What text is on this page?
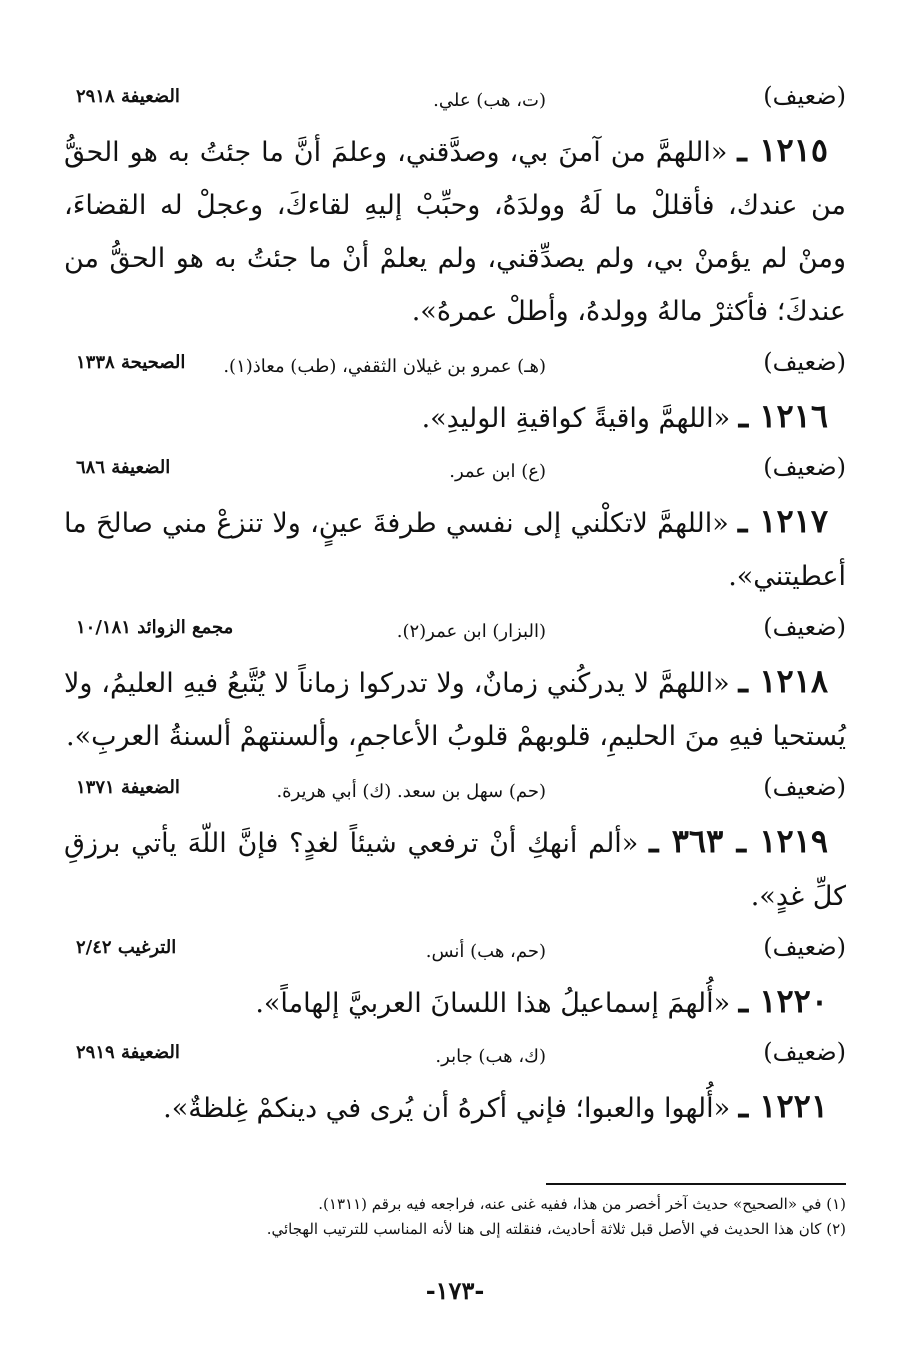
(ضعيف)
(ت، هب) علي.
الضعيفة ٢٩١٨

١٢١٥ ـ «اللهمَّ من آمنَ بي، وصدَّقني، وعلمَ أنَّ ما جئتُ به هو الحقُّ من عندك، فأقللْ ما لَهُ وولدَهُ، وحبِّبْ إليهِ لقاءكَ، وعجلْ له القضاءَ، ومنْ لم يؤمنْ بي، ولم يصدِّقني، ولم يعلمْ أنْ ما جئتُ به هو الحقُّ من عندكَ؛ فأكثرْ مالهُ وولدهُ، وأطلْ عمرهُ».

(ضعيف)
(هـ) عمرو بن غيلان الثقفي، (طب) معاذ(١).
الصحيحة ١٣٣٨

١٢١٦ ـ «اللهمَّ واقيةً كواقيةِ الوليدِ».

(ضعيف)
(ع) ابن عمر.
الضعيفة ٦٨٦

١٢١٧ ـ «اللهمَّ لاتكلْني إلى نفسي طرفةَ عينٍ، ولا تنزعْ مني صالحَ ما أعطيتني».

(ضعيف)
(البزار) ابن عمر(٢).
مجمع الزوائد ١٠/١٨١

١٢١٨ ـ «اللهمَّ لا يدركُني زمانٌ، ولا تدركوا زماناً لا يُتَّبعُ فيهِ العليمُ، ولا يُستحيا فيهِ منَ الحليمِ، قلوبهمْ قلوبُ الأعاجمِ، وألسنتهمْ ألسنةُ العربِ».

(ضعيف)
(حم) سهل بن سعد. (ك) أبي هريرة.
الضعيفة ١٣٧١

١٢١٩ ـ ٣٦٣ ـ «ألم أنهكِ أنْ ترفعي شيئاً لغدٍ؟ فإنَّ اللّهَ يأتي برزقِ كلِّ غدٍ».

(ضعيف)
(حم، هب) أنس.
الترغيب ٢/٤٢

١٢٢٠ ـ «أُلهمَ إسماعيلُ هذا اللسانَ العربيَّ إلهاماً».

(ضعيف)
(ك، هب) جابر.
الضعيفة ٢٩١٩

١٢٢١ ـ «أُلهوا والعبوا؛ فإني أكرهُ أن يُرى في دينكمْ غِلظةٌ».

(١) في «الصحيح» حديث آخر أخصر من هذا، ففيه غنى عنه، فراجعه فيه برقم (١٣١١).
(٢) كان هذا الحديث في الأصل قبل ثلاثة أحاديث، فنقلته إلى هنا لأنه المناسب للترتيب الهجائي.
-١٧٣-
